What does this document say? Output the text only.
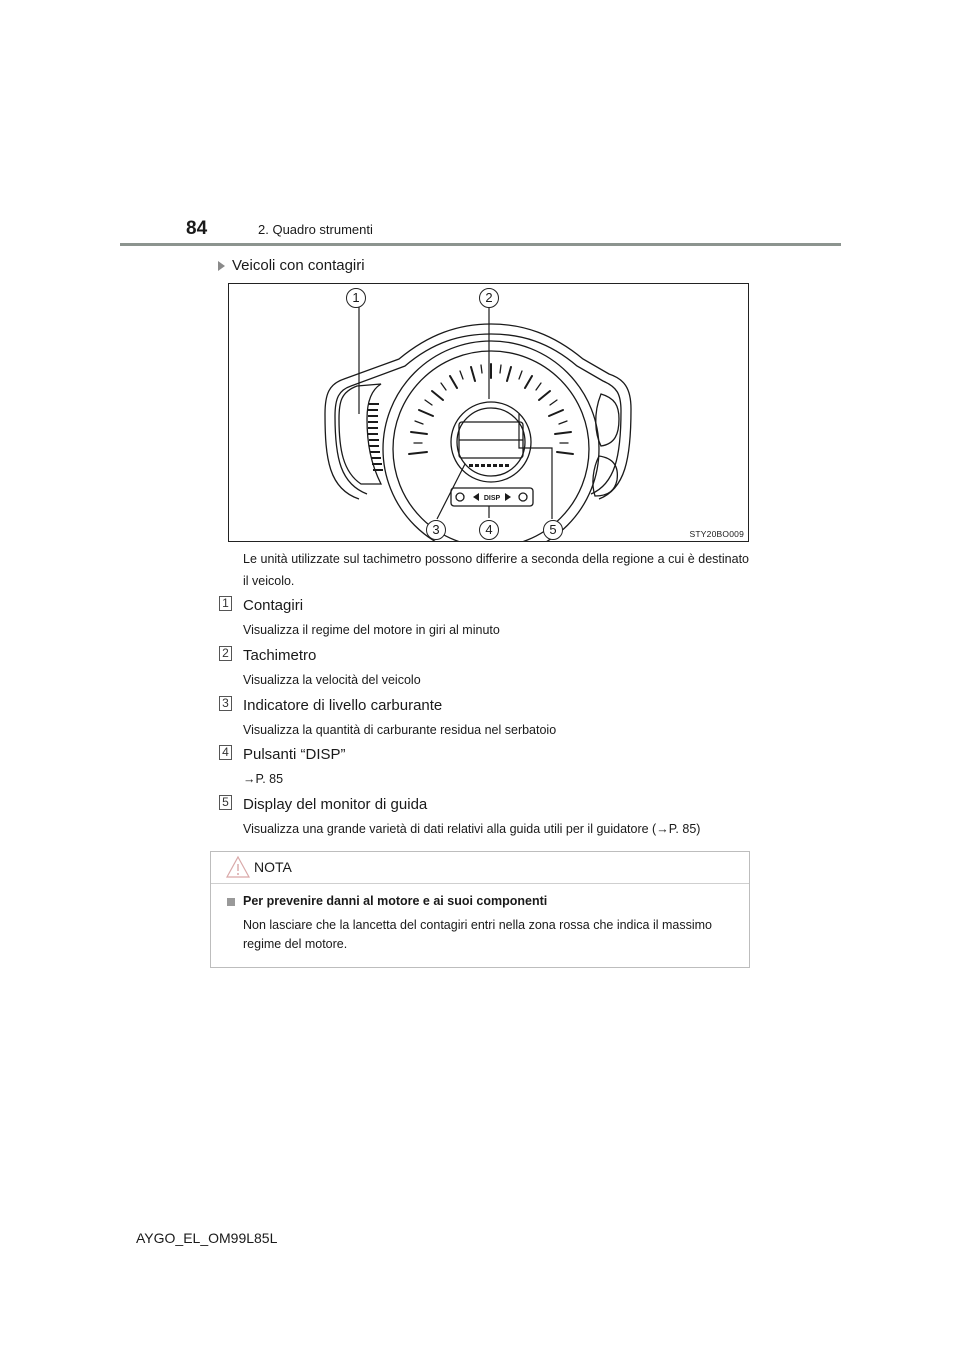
84	2. Quadro strumenti
Veicoli con contagiri
DISP
1	2
3	4	5	STY20BO009
Le unità utilizzate sul tachimetro possono differire a seconda della regione a cui è destinato il veicolo.
1 Contagiri
Visualizza il regime del motore in giri al minuto
2 Tachimetro
Visualizza la velocità del veicolo
3 Indicatore di livello carburante
Visualizza la quantità di carburante residua nel serbatoio
4 Pulsanti “DISP”
→P. 85
5 Display del monitor di guida
Visualizza una grande varietà di dati relativi alla guida utili per il guidatore (→P. 85)
NOTA
Per prevenire danni al motore e ai suoi componenti
Non lasciare che la lancetta del contagiri entri nella zona rossa che indica il massimo regime del motore.
AYGO_EL_OM99L85L
